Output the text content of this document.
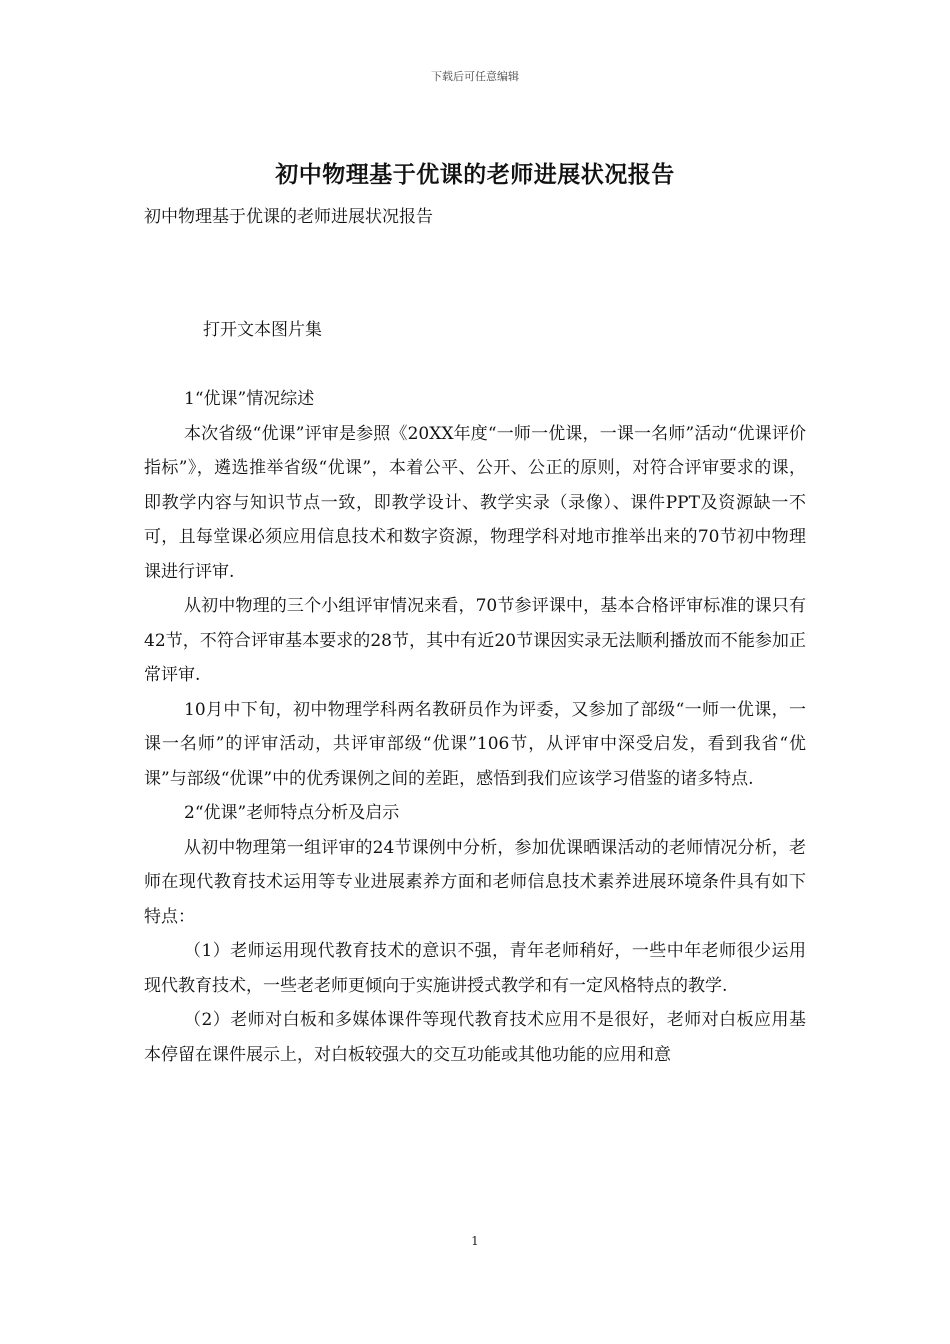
下载后可任意编辑
初中物理基于优课的老师进展状况报告
初中物理基于优课的老师进展状况报告
打开文本图片集

1“优课”情况综述

本次省级“优课”评审是参照《20XX年度“一师一优课，一课一名师”活动“优课评价指标”》，遴选推举省级“优课”，本着公平、公开、公正的原则，对符合评审要求的课，即教学内容与知识节点一致，即教学设计、教学实录（录像）、课件PPT及资源缺一不可，且每堂课必须应用信息技术和数字资源，物理学科对地市推举出来的70节初中物理课进行评审.

从初中物理的三个小组评审情况来看，70节参评课中，基本合格评审标准的课只有42节，不符合评审基本要求的28节，其中有近20节课因实录无法顺利播放而不能参加正常评审.

10月中下旬，初中物理学科两名教研员作为评委，又参加了部级“一师一优课，一课一名师”的评审活动，共评审部级“优课”106节，从评审中深受启发，看到我省“优课”与部级“优课”中的优秀课例之间的差距，感悟到我们应该学习借鉴的诸多特点.

2“优课”老师特点分析及启示

从初中物理第一组评审的24节课例中分析，参加优课晒课活动的老师情况分析，老师在现代教育技术运用等专业进展素养方面和老师信息技术素养进展环境条件具有如下特点：

（1）老师运用现代教育技术的意识不强，青年老师稍好，一些中年老师很少运用现代教育技术，一些老老师更倾向于实施讲授式教学和有一定风格特点的教学.

（2）老师对白板和多媒体课件等现代教育技术应用不是很好，老师对白板应用基本停留在课件展示上，对白板较强大的交互功能或其他功能的应用和意

1
